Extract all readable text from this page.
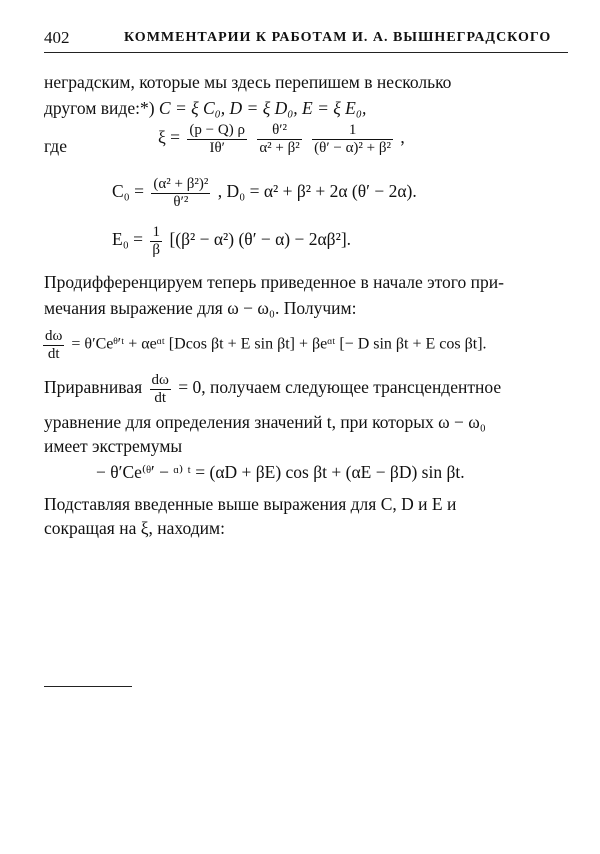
402	КОММЕНТАРИИ К РАБОТАМ И. А. ВЫШНЕГРАДСКОГО
неградским, которые мы здесь перепишем в несколько
другом виде:*) C = ξ C₀, D = ξ D₀, E = ξ E₀,
где	$\xi = \frac{(p - Q) \rho}{I\theta'}$
$\frac{\text{θ′²}}{\text{α² + β²}}$
$\frac{1}{\text{(θ′ − α)² + β²}}$ ,
$C_0 = \frac{\text{(α² + β²)²}}{\text{θ′²}}$ , D₀ = α² + β² + 2α (θ′ − 2α).
$E_0 = \frac{1}{\beta} [(\beta^2 - \alpha^2) (\theta' - \alpha) - 2\alpha\beta^2]$.
Продифференцируем теперь приведенное в начале этого при-
мечания выражение для ω − ω₀. Получим:
$\frac{d\omega}{dt}$ = θ′Ceᶿ′ᵗ + αeᵅᵗ [Dcos βt + E sin βt] + βeᵅᵗ [− D sin βt + E cos βt].
Приравнивая $\frac{d\omega}{dt} = 0$, получаем следующее трансцендентное
уравнение для определения значений t, при которых ω − ω₀
имеет экстремумы
− θ′Ce⁽ᶿ′ − ᵅ⁾ ᵗ = (αD + βE) cos βt + (αE − βD) sin βt.
Подставляя введенные выше выражения для C, D и E и
сокращая на ξ, находим:
